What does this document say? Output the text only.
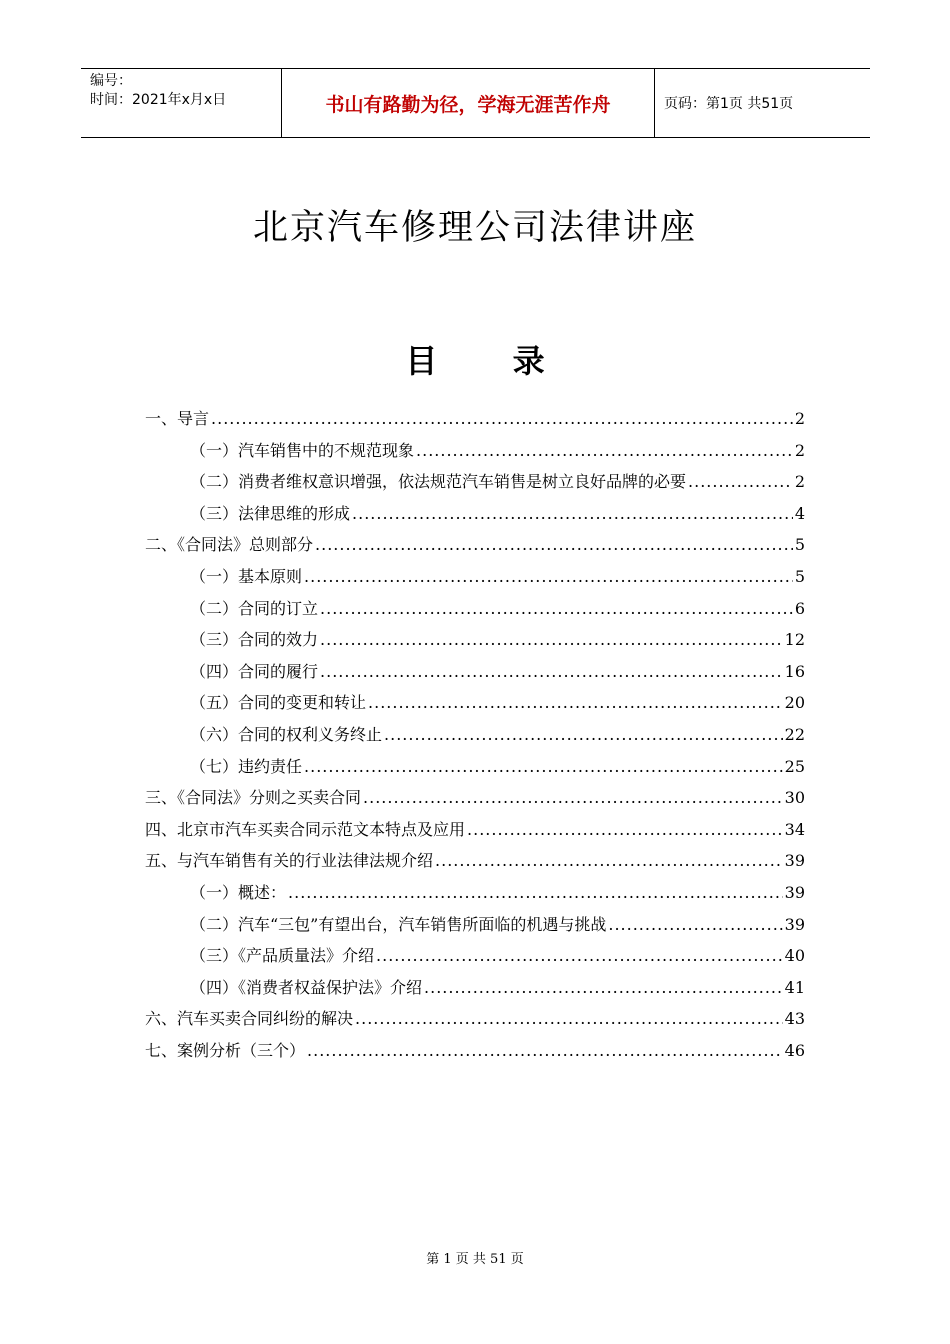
编号：
时间：2021年x月x日	书山有路勤为径，学海无涯苦作舟	页码：第1页 共51页
北京汽车修理公司法律讲座
目 录
一、导言 .....	2
（一）汽车销售中的不规范现象 .....	2
（二）消费者维权意识增强，依法规范汽车销售是树立良好品牌的必要 .....	2
（三）法律思维的形成 .....	4
二、《合同法》总则部分 .....	5
（一）基本原则 .....	5
（二）合同的订立 .....	6
（三）合同的效力 .....	12
（四）合同的履行 .....	16
（五）合同的变更和转让 .....	20
（六）合同的权利义务终止 .....	22
（七）违约责任 .....	25
三、《合同法》分则之买卖合同 .....	30
四、北京市汽车买卖合同示范文本特点及应用 .....	34
五、与汽车销售有关的行业法律法规介绍 .....	39
（一）概述： .....	39
（二）汽车“三包”有望出台，汽车销售所面临的机遇与挑战 .....	39
（三）《产品质量法》介绍 .....	40
（四）《消费者权益保护法》介绍 .....	41
六、汽车买卖合同纠纷的解决 .....	43
七、案例分析（三个） .....	46
第 1 页 共 51 页
